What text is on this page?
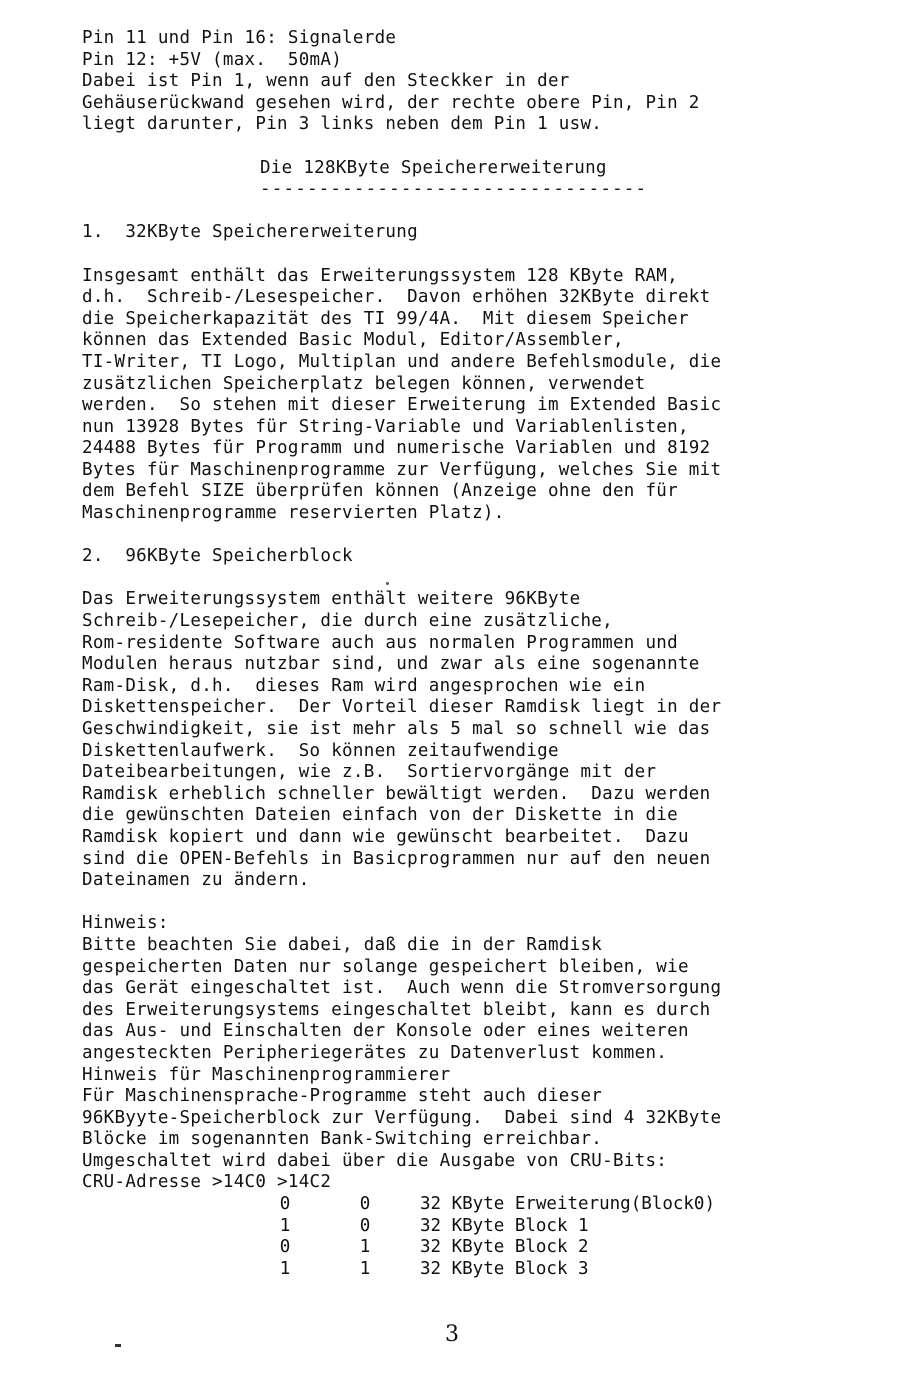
Pin 11 und Pin 16: Signalerde
Pin 12: +5V (max.  50mA)
Dabei ist Pin 1, wenn auf den Steckker in der
Gehäuserückwand gesehen wird, der rechte obere Pin, Pin 2
liegt darunter, Pin 3 links neben dem Pin 1 usw.
Die 128KByte Speichererweiterung
---------------------------------
1.  32KByte Speichererweiterung
Insgesamt enthält das Erweiterungssystem 128 KByte RAM,
d.h.  Schreib-/Lesespeicher.  Davon erhöhen 32KByte direkt
die Speicherkapazität des TI 99/4A.  Mit diesem Speicher
können das Extended Basic Modul, Editor/Assembler,
TI-Writer, TI Logo, Multiplan und andere Befehlsmodule, die
zusätzlichen Speicherplatz belegen können, verwendet
werden.  So stehen mit dieser Erweiterung im Extended Basic
nun 13928 Bytes für String-Variable und Variablenlisten,
24488 Bytes für Programm und numerische Variablen und 8192
Bytes für Maschinenprogramme zur Verfügung, welches Sie mit
dem Befehl SIZE überprüfen können (Anzeige ohne den für
Maschinenprogramme reservierten Platz).
2.  96KByte Speicherblock
Das Erweiterungssystem enthält weitere 96KByte
Schreib-/Lesepeicher, die durch eine zusätzliche,
Rom-residente Software auch aus normalen Programmen und
Modulen heraus nutzbar sind, und zwar als eine sogenannte
Ram-Disk, d.h.  dieses Ram wird angesprochen wie ein
Diskettenspeicher.  Der Vorteil dieser Ramdisk liegt in der
Geschwindigkeit, sie ist mehr als 5 mal so schnell wie das
Diskettenlaufwerk.  So können zeitaufwendige
Dateibearbeitungen, wie z.B.  Sortiervorgänge mit der
Ramdisk erheblich schneller bewältigt werden.  Dazu werden
die gewünschten Dateien einfach von der Diskette in die
Ramdisk kopiert und dann wie gewünscht bearbeitet.  Dazu
sind die OPEN-Befehls in Basicprogrammen nur auf den neuen
Dateinamen zu ändern.
Hinweis:
Bitte beachten Sie dabei, daß die in der Ramdisk
gespeicherten Daten nur solange gespeichert bleiben, wie
das Gerät eingeschaltet ist.  Auch wenn die Stromversorgung
des Erweiterungsystems eingeschaltet bleibt, kann es durch
das Aus- und Einschalten der Konsole oder eines weiteren
angesteckten Peripheriegerätes zu Datenverlust kommen.
Hinweis für Maschinenprogrammierer
Für Maschinensprache-Programme steht auch dieser
96KByyte-Speicherblock zur Verfügung.  Dabei sind 4 32KByte
Blöcke im sogenannten Bank-Switching erreichbar.
Umgeschaltet wird dabei über die Ausgabe von CRU-Bits:
CRU-Adresse >14C0 >14C2
0	0	32 KByte Erweiterung(Block0)
1	0	32 KByte Block 1
0	1	32 KByte Block 2
1	1	32 KByte Block 3
3
